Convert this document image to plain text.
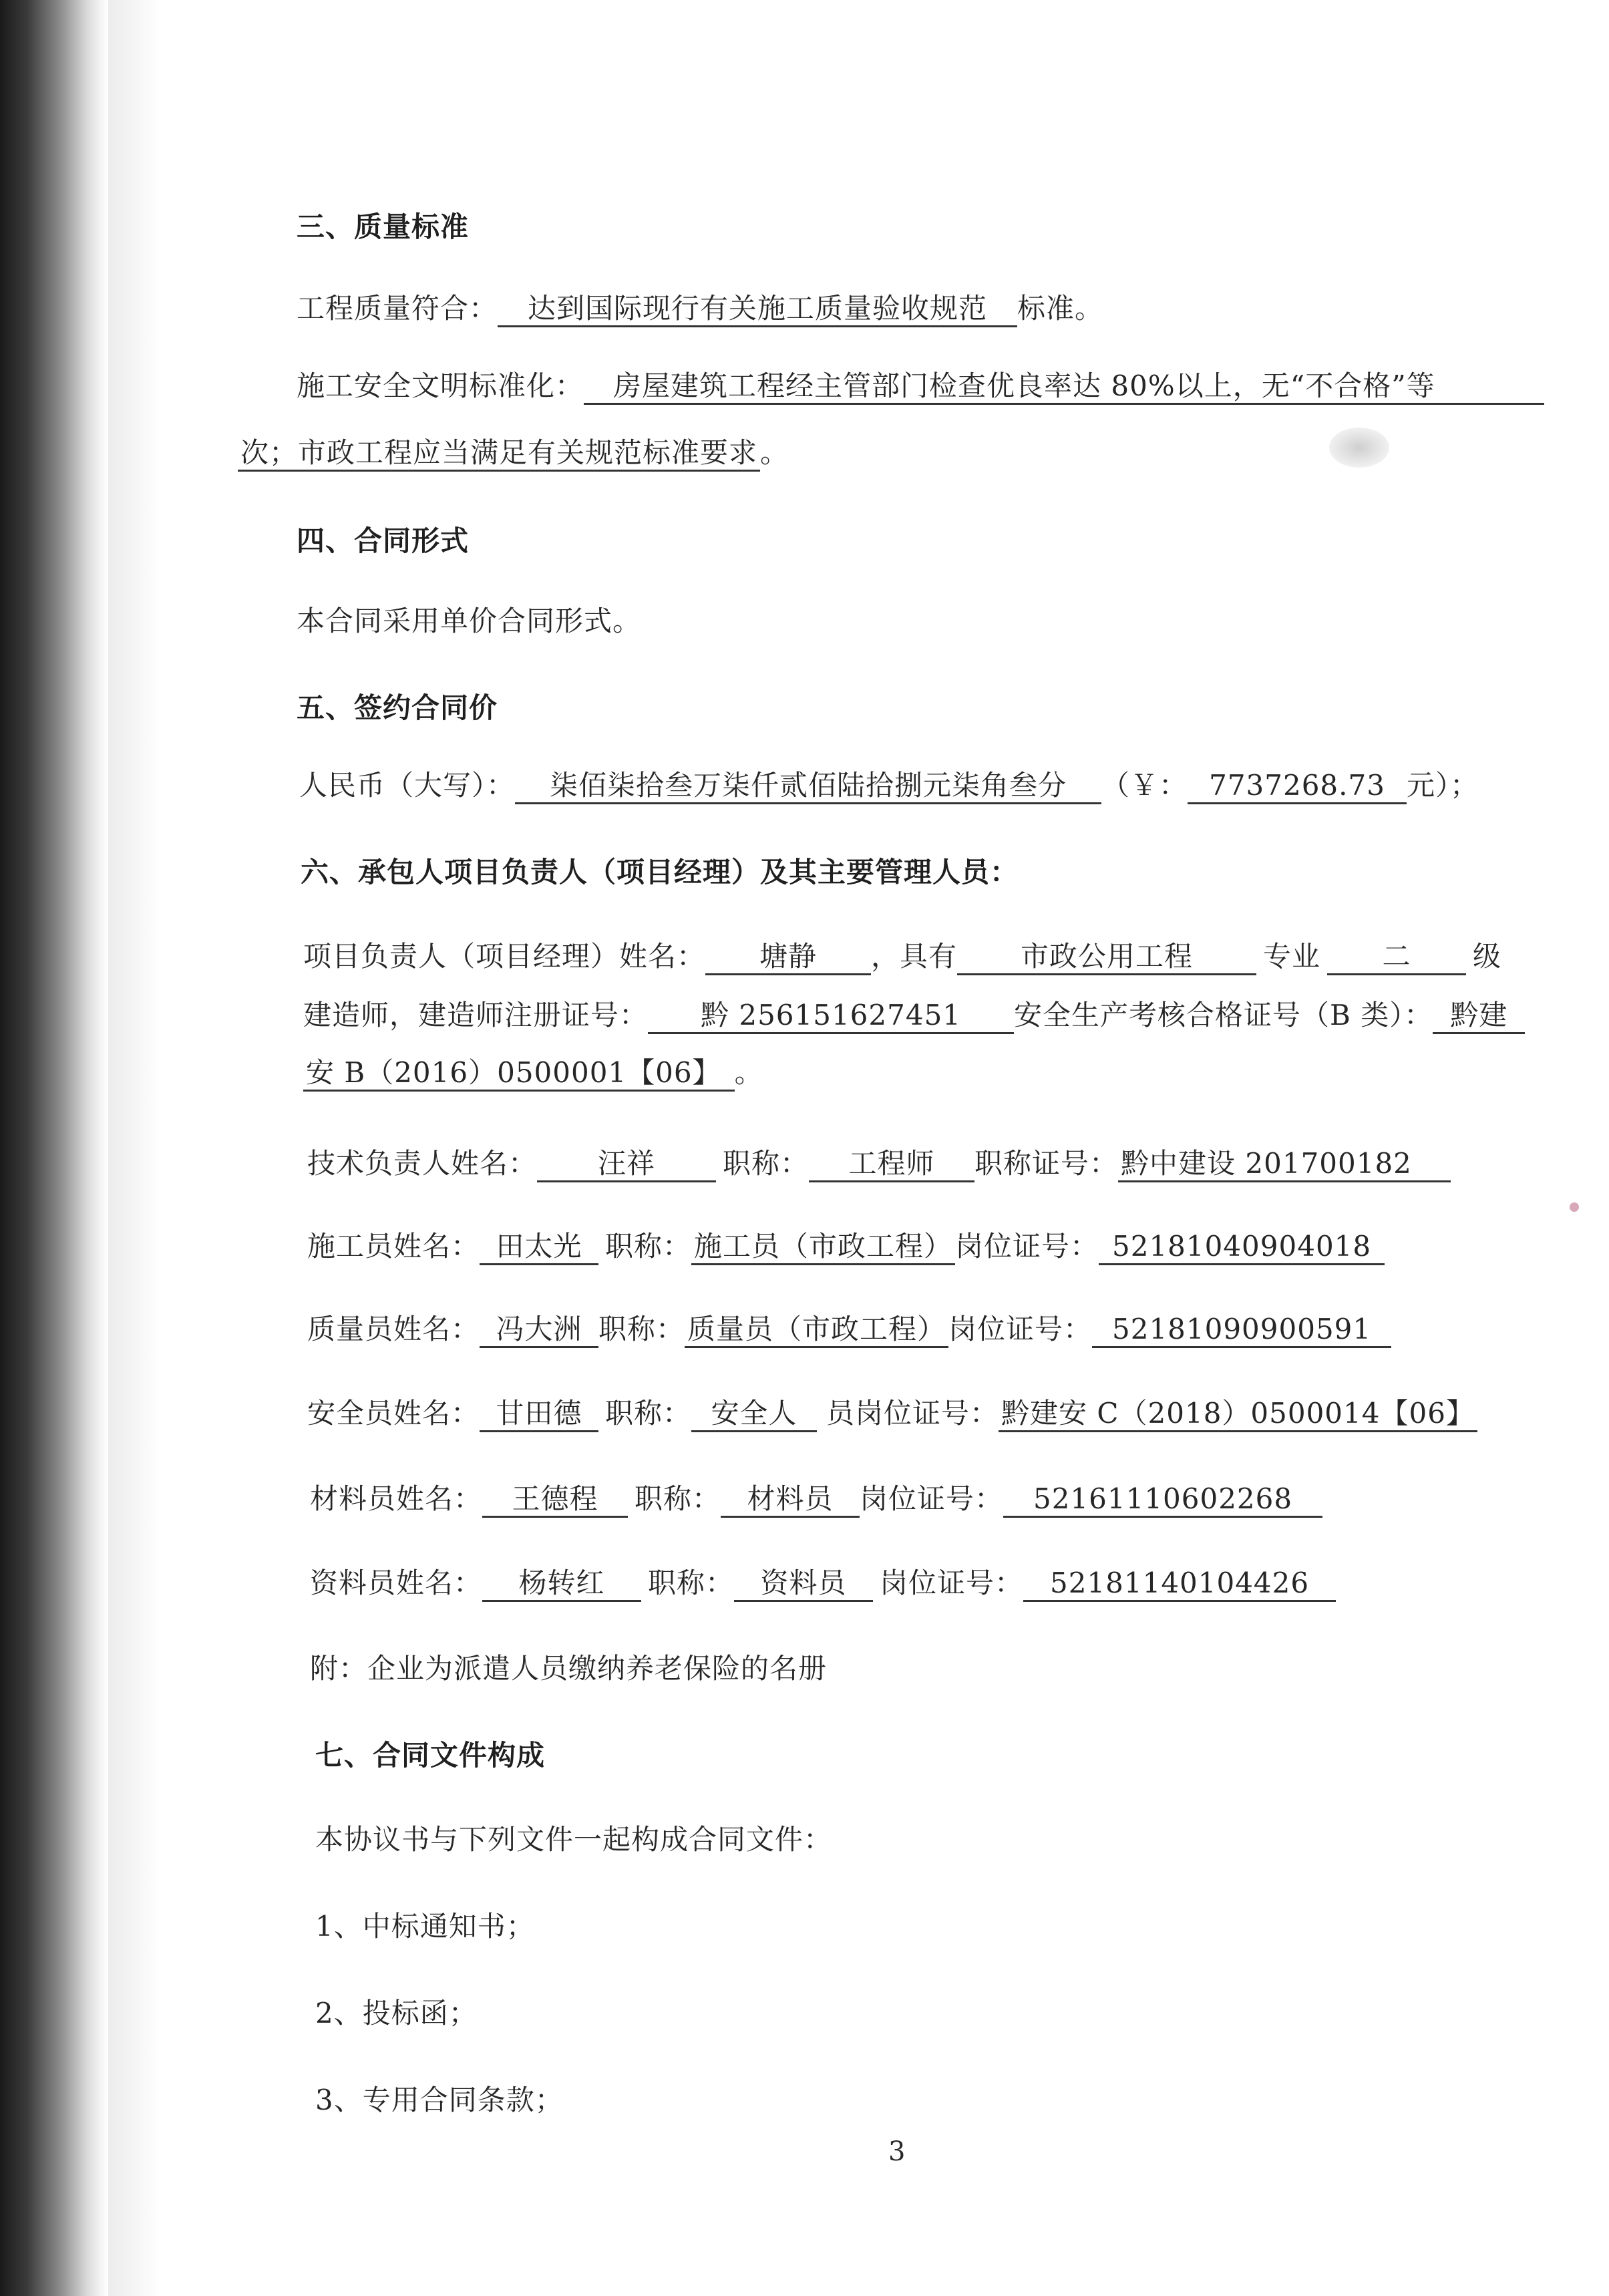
三、质量标准
工程质量符合： 达到国际现行有关施工质量验收规范 标准。
施工安全文明标准化： 房屋建筑工程经主管部门检查优良率达 80%以上，无“不合格”等
次；市政工程应当满足有关规范标准要求。
四、合同形式
本合同采用单价合同形式。
五、签约合同价
人民币（大写）： 柒佰柒拾叁万柒仟贰佰陆拾捌元柒角叁分 （￥： 7737268.73 元）；
六、承包人项目负责人（项目经理）及其主要管理人员：
项目负责人（项目经理）姓名： 塘静 ，具有 市政公用工程	专业 二 级
建造师，建造师注册证号： 黔 256151627451 安全生产考核合格证号（B 类）： 黔建
安 B（2016）0500001【06】 。
技术负责人姓名： 汪祥 职称： 工程师 职称证号：黔中建设 201700182
施工员姓名： 田太光 职称：施工员（市政工程）岗位证号： 52181040904018
质量员姓名： 冯大洲 职称：质量员（市政工程）岗位证号： 52181090900591
安全员姓名： 甘田德 职称： 安全人 员岗位证号：黔建安 C（2018）0500014【06】
材料员姓名： 王德程 职称： 材料员 岗位证号： 52161110602268
资料员姓名： 杨转红 职称： 资料员 岗位证号： 52181140104426
附：企业为派遣人员缴纳养老保险的名册
七、合同文件构成
本协议书与下列文件一起构成合同文件：
1、中标通知书；
2、投标函；
3、专用合同条款；
3
